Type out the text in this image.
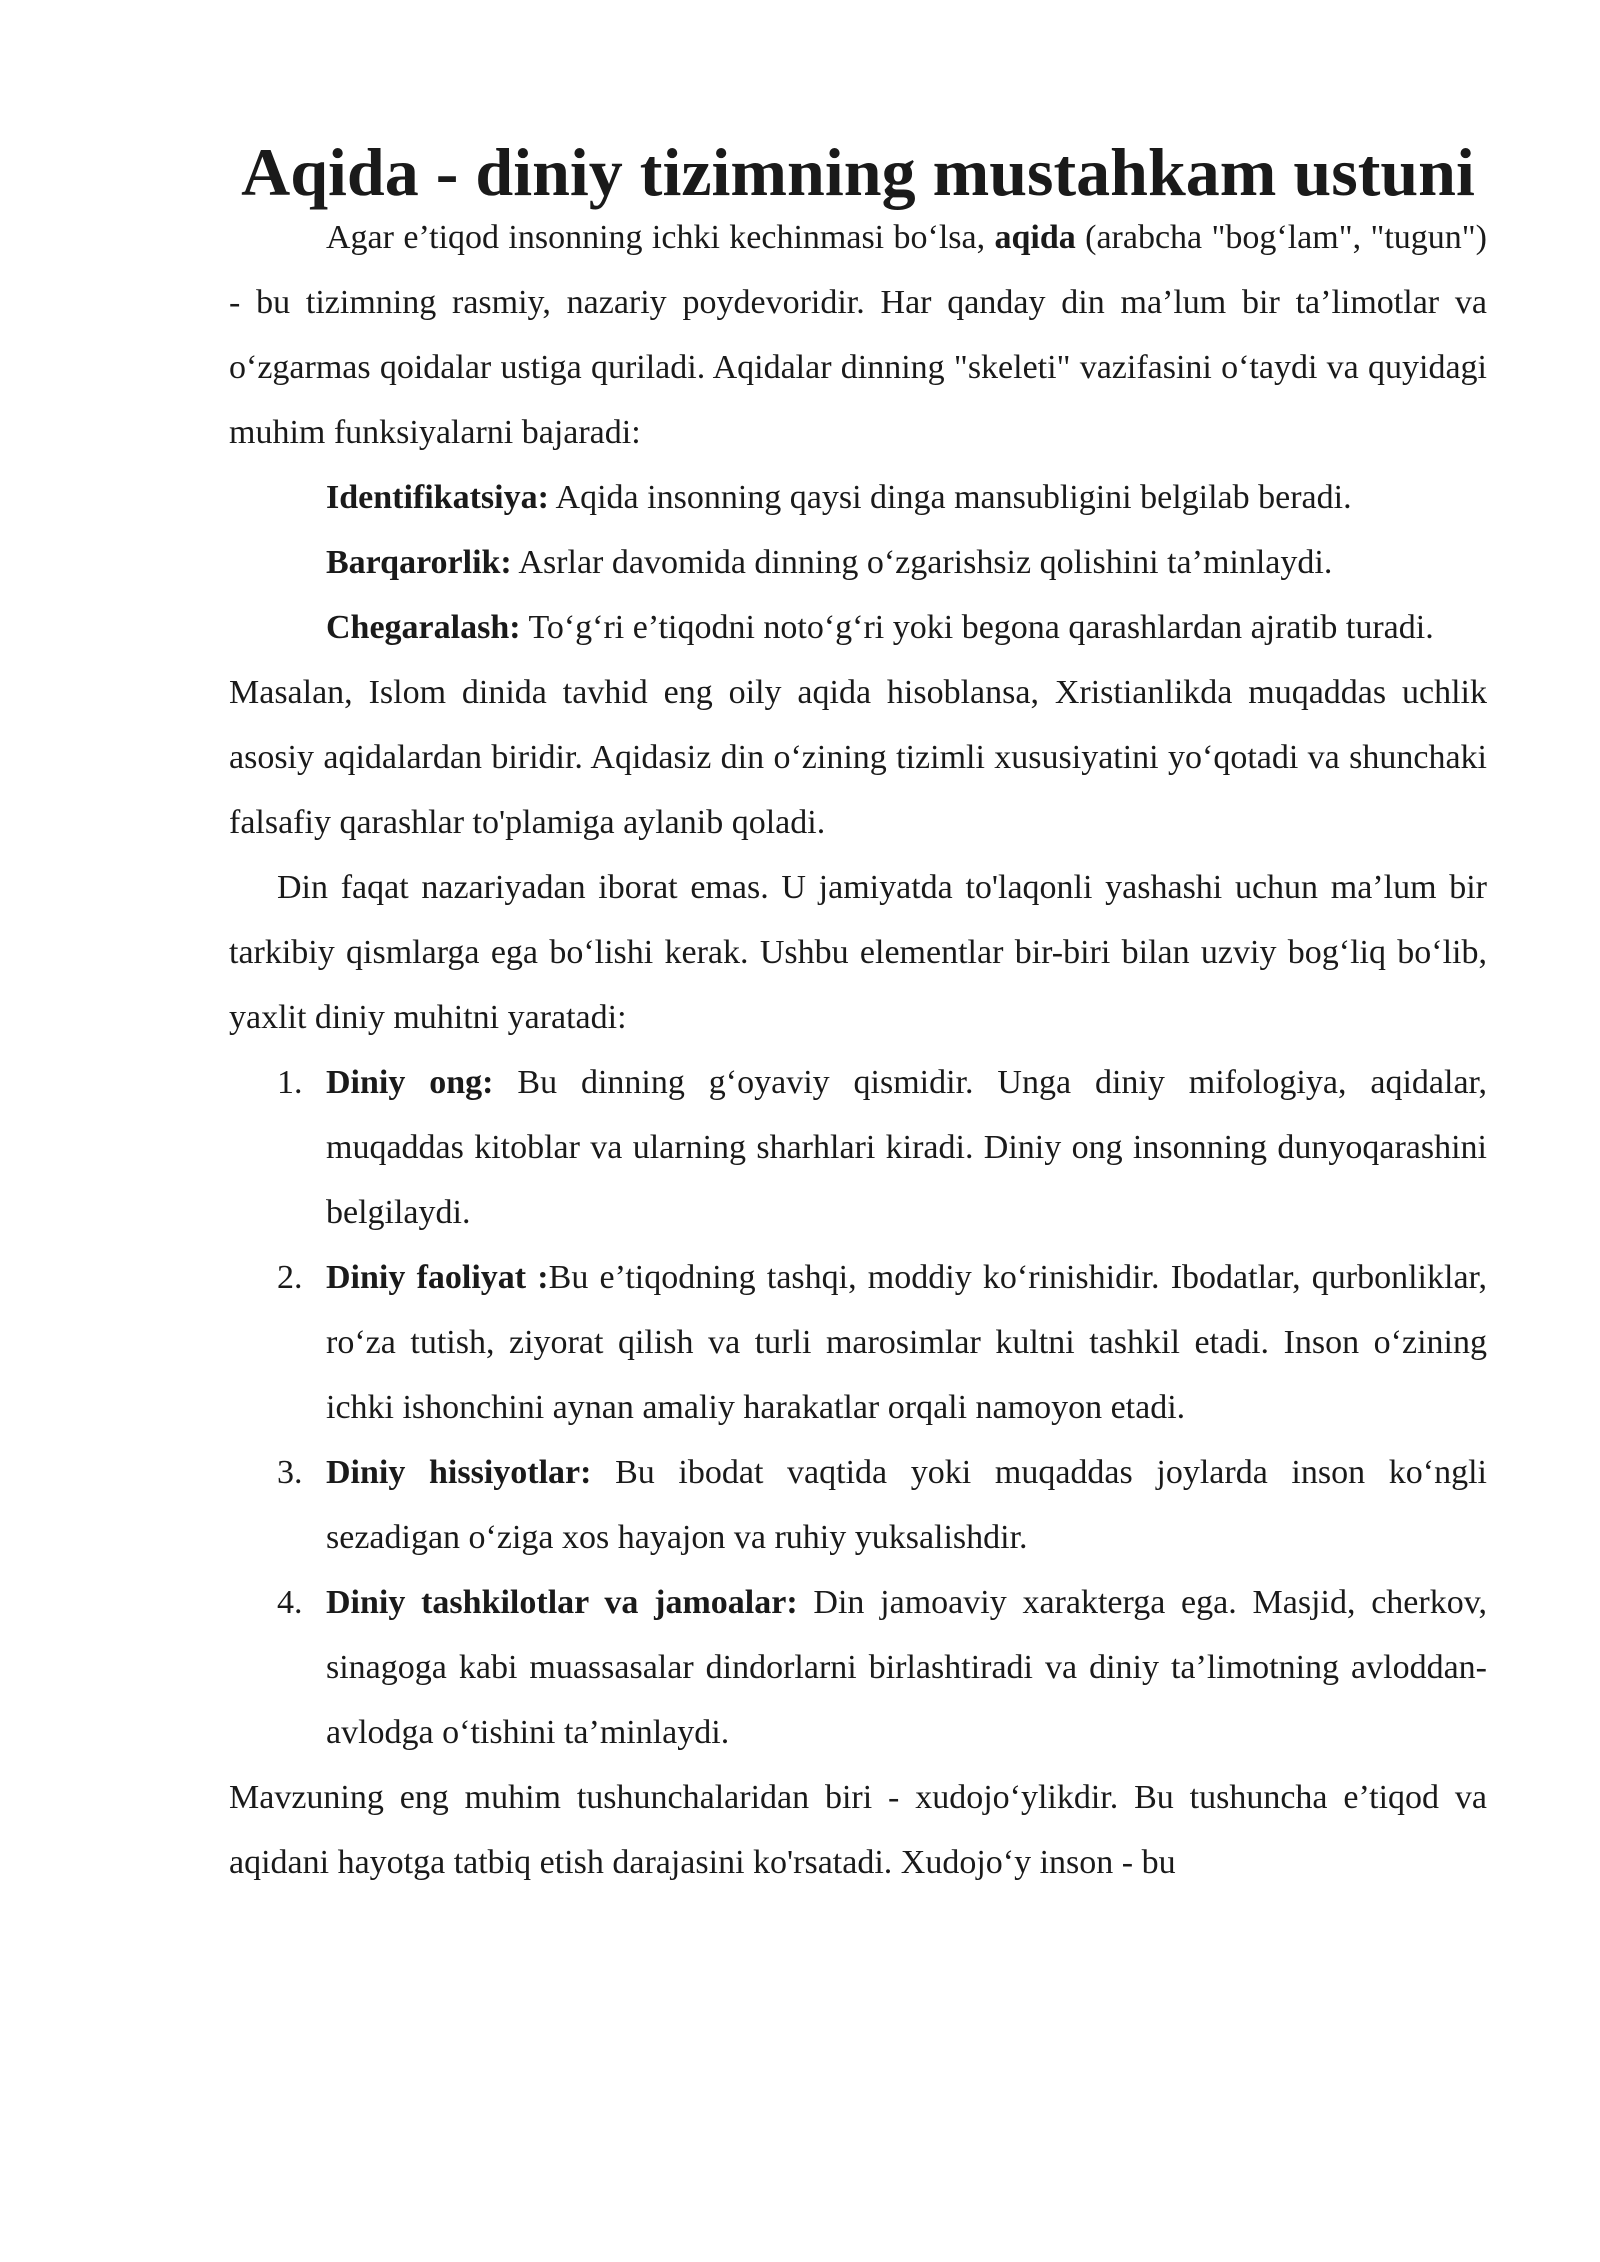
Aqida - diniy tizimning mustahkam ustuni

Agar e’tiqod insonning ichki kechinmasi bo‘lsa, aqida (arabcha "bog‘lam", "tugun") - bu tizimning rasmiy, nazariy poydevoridir. Har qanday din ma’lum bir ta’limotlar va o‘zgarmas qoidalar ustiga quriladi. Aqidalar dinning "skeleti" vazifasini o‘taydi va quyidagi muhim funksiyalarni bajaradi:

Identifikatsiya: Aqida insonning qaysi dinga mansubligini belgilab beradi.

Barqarorlik: Asrlar davomida dinning o‘zgarishsiz qolishini ta’minlaydi.

Chegaralash: To‘g‘ri e’tiqodni noto‘g‘ri yoki begona qarashlardan ajratib turadi.

Masalan, Islom dinida tavhid eng oily aqida hisoblansa, Xristianlikda muqaddas uchlik asosiy aqidalardan biridir. Aqidasiz din o‘zining tizimli xususiyatini yo‘qotadi va shunchaki falsafiy qarashlar to'plamiga aylanib qoladi.

Din faqat nazariyadan iborat emas. U jamiyatda to'laqonli yashashi uchun ma’lum bir tarkibiy qismlarga ega bo‘lishi kerak. Ushbu elementlar bir-biri bilan uzviy bog‘liq bo‘lib, yaxlit diniy muhitni yaratadi:

1. Diniy ong: Bu dinning g‘oyaviy qismidir. Unga diniy mifologiya, aqidalar, muqaddas kitoblar va ularning sharhlari kiradi. Diniy ong insonning dunyoqarashini belgilaydi.
2. Diniy faoliyat :Bu e’tiqodning tashqi, moddiy ko‘rinishidir. Ibodatlar, qurbonliklar, ro‘za tutish, ziyorat qilish va turli marosimlar kultni tashkil etadi. Inson o‘zining ichki ishonchini aynan amaliy harakatlar orqali namoyon etadi.
3. Diniy hissiyotlar: Bu ibodat vaqtida yoki muqaddas joylarda inson ko‘ngli sezadigan o‘ziga xos hayajon va ruhiy yuksalishdir.
4. Diniy tashkilotlar va jamoalar: Din jamoaviy xarakterga ega. Masjid, cherkov, sinagoga kabi muassasalar dindorlarni birlashtiradi va diniy ta’limotning avloddan-avlodga o‘tishini ta’minlaydi.

Mavzuning eng muhim tushunchalaridan biri - xudojo‘ylikdir. Bu tushuncha e’tiqod va aqidani hayotga tatbiq etish darajasini ko'rsatadi. Xudojo‘y inson - bu
